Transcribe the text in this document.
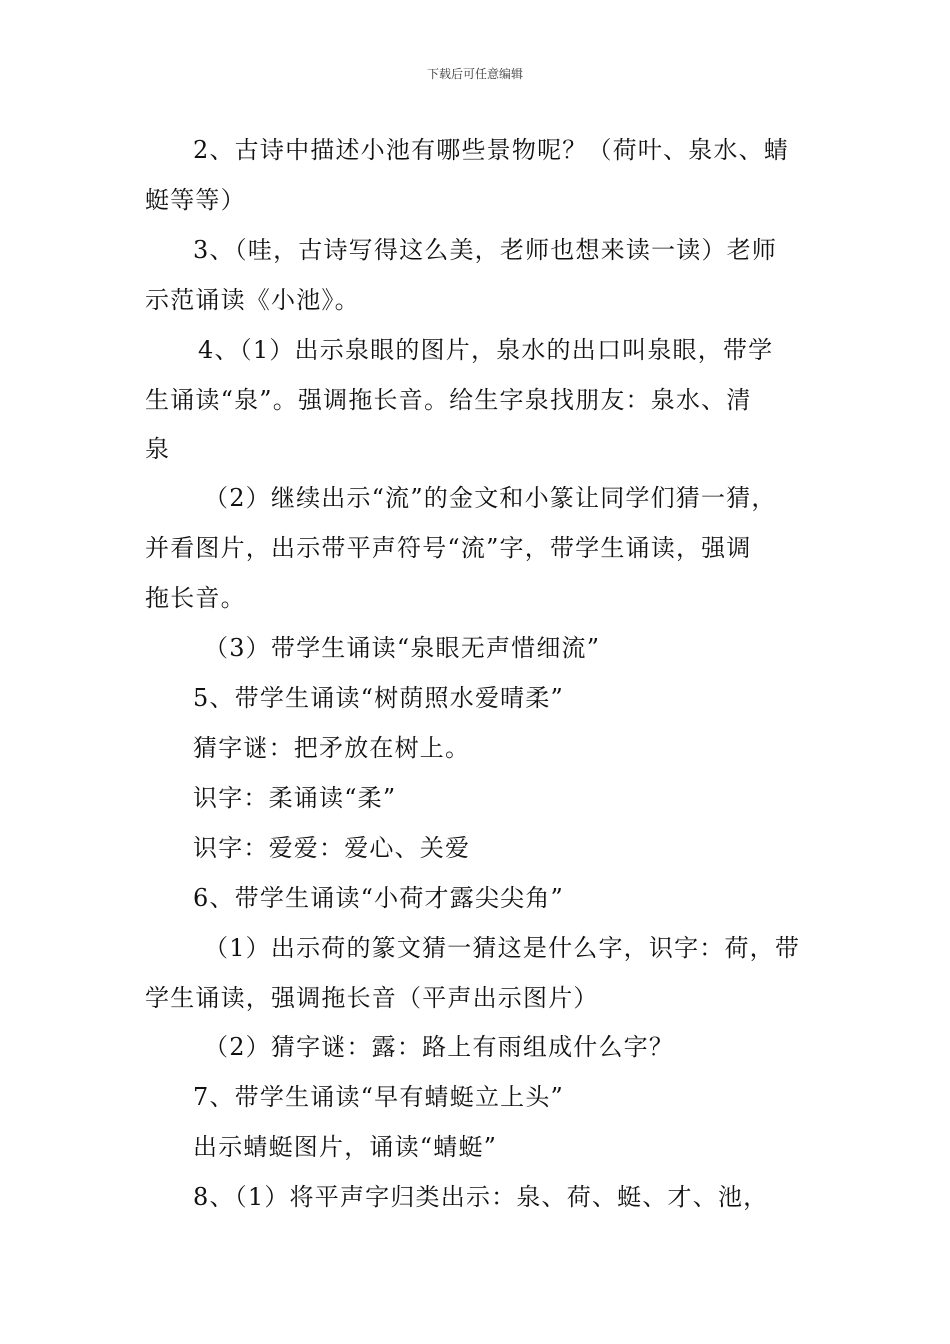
下载后可任意编辑
2、古诗中描述小池有哪些景物呢？（荷叶、泉水、蜻
蜓等等）
3、（哇，古诗写得这么美，老师也想来读一读）老师
示范诵读《小池》。
4、（1）出示泉眼的图片，泉水的出口叫泉眼，带学
生诵读“泉”。强调拖长音。给生字泉找朋友：泉水、清
泉
（2）继续出示“流”的金文和小篆让同学们猜一猜，
并看图片，出示带平声符号“流”字，带学生诵读，强调
拖长音。
（3）带学生诵读“泉眼无声惜细流”
5、带学生诵读“树荫照水爱晴柔”
猜字谜：把矛放在树上。
识字：柔诵读“柔”
识字：爱爱：爱心、关爱
6、带学生诵读“小荷才露尖尖角”
（1）出示荷的篆文猜一猜这是什么字，识字：荷，带
学生诵读，强调拖长音（平声出示图片）
（2）猜字谜：露：路上有雨组成什么字？
7、带学生诵读“早有蜻蜓立上头”
出示蜻蜓图片，诵读“蜻蜓”
8、（1）将平声字归类出示：泉、荷、蜓、才、池，
